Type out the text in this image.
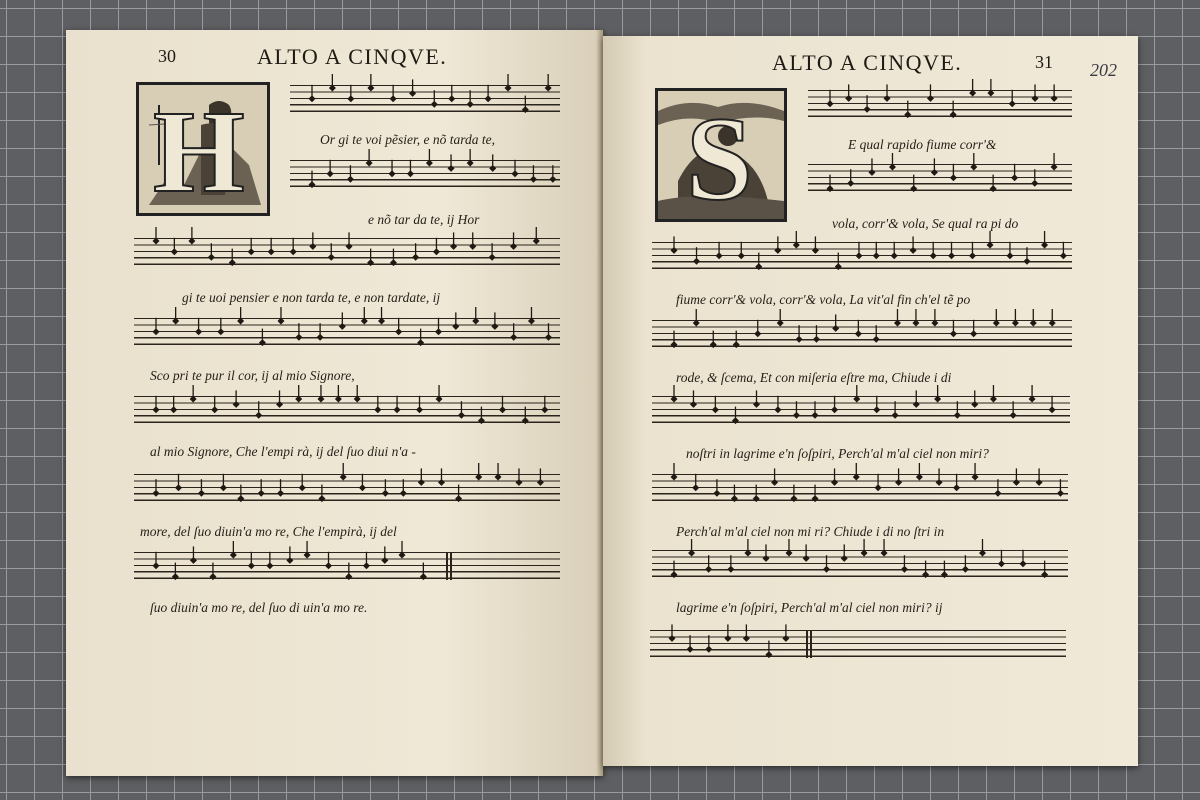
30	ALTO A CINQVE.	ALTO A CINQVE.	31 202
H	S
Or gi te voi pẽsier, e nõ tarda te,
e nõ tar da te, ij Hor
gi te uoi pensier e non tarda te, e non tardate, ij
Sco pri te pur il cor, ij al mio Signore,
al mio Signore, Che l'empi rà, ij del ſuo diui n'a -
more, del ſuo diuin'a mo re, Che l'empirà, ij del
ſuo diuin'a mo re, del ſuo di uin'a mo re.
E qual rapido fiume corr'&
vola, corr'& vola, Se qual ra pi do
fiume corr'& vola, corr'& vola, La vit'al fin ch'el tẽ po
rode, & ſcema, Et con miſeria eſtre ma, Chiude i di
noſtri in lagrime e'n ſoſpiri, Perch'al m'al ciel non miri?
Perch'al m'al ciel non mi ri? Chiude i di no ſtri in
lagrime e'n ſoſpiri, Perch'al m'al ciel non miri? ij
